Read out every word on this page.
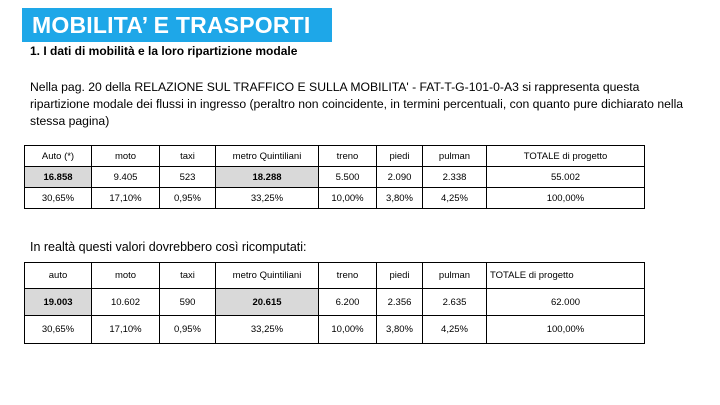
MOBILITA’ E TRASPORTI
1. I dati di mobilità e la loro ripartizione modale
Nella pag. 20 della RELAZIONE SUL TRAFFICO E SULLA MOBILITA' - FAT-T-G-101-0-A3 si rappresenta questa ripartizione modale dei flussi in ingresso (peraltro non coincidente, in termini percentuali, con quanto pure dichiarato nella stessa pagina)
Auto (*)	moto	taxi	metro Quintiliani	treno	piedi	pulman	TOTALE di progetto
16.858	9.405	523	18.288	5.500	2.090	2.338	55.002
30,65%	17,10%	0,95%	33,25%	10,00%	3,80%	4,25%	100,00%
In realtà questi valori dovrebbero così ricomputati:
auto	moto	taxi	metro Quintiliani	treno	piedi	pulman	TOTALE di progetto
19.003	10.602	590	20.615	6.200	2.356	2.635	62.000
30,65%	17,10%	0,95%	33,25%	10,00%	3,80%	4,25%	100,00%
